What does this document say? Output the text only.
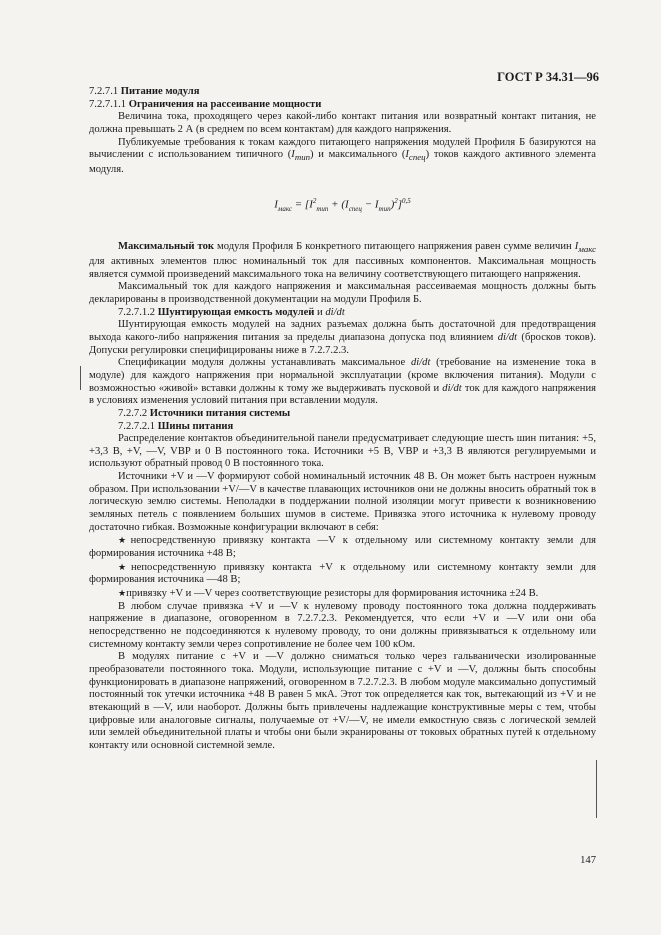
ГОСТ Р 34.31—96

7.2.7.1 Питание модуля

7.2.7.1.1 Ограничения на рассеивание мощности

Величина тока, проходящего через какой-либо контакт питания или возвратный контакт питания, не должна превышать 2 А (в среднем по всем контактам) для каждого напряжения.

Публикуемые требования к токам каждого питающего напряжения модулей Профиля Б базируются на вычислении с использованием типичного $(I_{тип})$ и максимального $(I_{спец})$ токов каждого активного элемента модуля.

$I_{макс} = [I^2_{тип} + (I_{спец} - I_{тип})^2]^{0,5}$

Максимальный ток модуля Профиля Б конкретного питающего напряжения равен сумме величин $I_{макс}$ для активных элементов плюс номинальный ток для пассивных компонентов. Максимальная мощность является суммой произведений максимального тока на величину соответствующего питающего напряжения.

Максимальный ток для каждого напряжения и максимальная рассеиваемая мощность должны быть декларированы в производственной документации на модули Профиля Б.

7.2.7.1.2 Шунтирующая емкость модулей и di/dt

Шунтирующая емкость модулей на задних разъемах должна быть достаточной для предотвращения выхода какого-либо напряжения питания за пределы диапазона допуска под влиянием di/dt (бросков токов). Допуски регулировки специфицированы ниже в 7.2.7.2.3.

Спецификации модуля должны устанавливать максимальное di/dt (требование на изменение тока в модуле) для каждого напряжения при нормальной эксплуатации (кроме включения питания). Модули с возможностью «живой» вставки должны к тому же выдерживать пусковой и di/dt ток для каждого напряжения в условиях изменения условий питания при вставлении модуля.

7.2.7.2 Источники питания системы

7.2.7.2.1 Шины питания

Распределение контактов объединительной панели предусматривает следующие шесть шин питания: +5, +3,3 В, +V, —V, VBP и 0 В постоянного тока. Источники +5 В, VBP и +3,3 В являются регулируемыми и используют обратный провод 0 В постоянного тока.

Источники +V и —V формируют собой номинальный источник 48 В. Он может быть настроен нужным образом. При использовании +V/—V в качестве плавающих источников они не должны вносить обратный ток в логическую землю системы. Неполадки в поддержании полной изоляции могут привести к возникновению земляных петель с появлением больших шумов в системе. Привязка этого источника к нулевому проводу достаточно гибкая. Возможные конфигурации включают в себя:

★непосредственную привязку контакта —V к отдельному или системному контакту земли для формирования источника +48 В;

★непосредственную привязку контакта +V к отдельному или системному контакту земли для формирования источника —48 В;

★привязку +V и —V через соответствующие резисторы для формирования источника ±24 В.

В любом случае привязка +V и —V к нулевому проводу постоянного тока должна поддерживать напряжение в диапазоне, оговоренном в 7.2.7.2.3. Рекомендуется, что если +V и —V или они оба непосредственно не подсоединяются к нулевому проводу, то они должны привязываться к отдельному или системному контакту земли через сопротивление не более чем 100 кОм.

В модулях питание с +V и —V должно сниматься только через гальванически изолированные преобразователи постоянного тока. Модули, использующие питание с +V и —V, должны быть способны функционировать в диапазоне напряжений, оговоренном в 7.2.7.2.3. В любом модуле максимально допустимый постоянный ток утечки источника +48 В равен 5 мкА. Этот ток определяется как ток, вытекающий из +V и не втекающий в —V, или наоборот. Должны быть привлечены надлежащие конструктивные меры с тем, чтобы цифровые или аналоговые сигналы, получаемые от +V/—V, не имели емкостную связь с логической землей или землей объединительной платы и чтобы они были экранированы от токовых обратных путей к отдельному контакту или основной системной земле.

147
